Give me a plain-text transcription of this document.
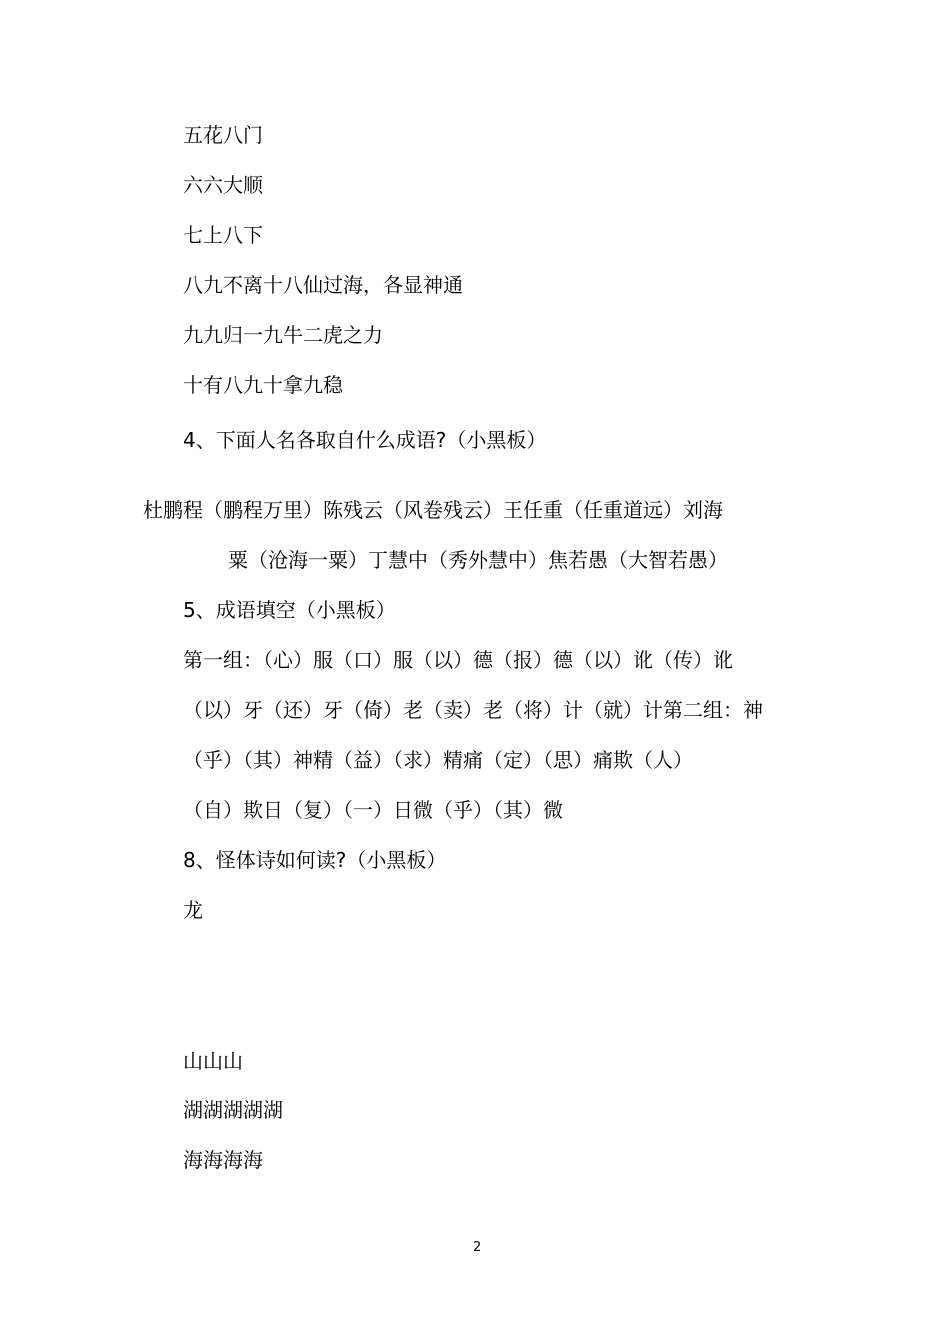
五花八门
六六大顺
七上八下
八九不离十八仙过海，各显神通
九九归一九牛二虎之力
十有八九十拿九稳
4、下面人名各取自什么成语?（小黑板）
杜鹏程（鹏程万里）陈残云（风卷残云）王任重（任重道远）刘海
粟（沧海一粟）丁慧中（秀外慧中）焦若愚（大智若愚）
5、成语填空（小黑板）
第一组：（心）服（口）服（以）德（报）德（以）讹（传）讹
（以）牙（还）牙（倚）老（卖）老（将）计（就）计第二组：神
（乎）（其）神精（益）（求）精痛（定）（思）痛欺（人）
（自）欺日（复）（一）日微（乎）（其）微
8、怪体诗如何读?（小黑板）
龙
山山山
湖湖湖湖湖
海海海海
2
